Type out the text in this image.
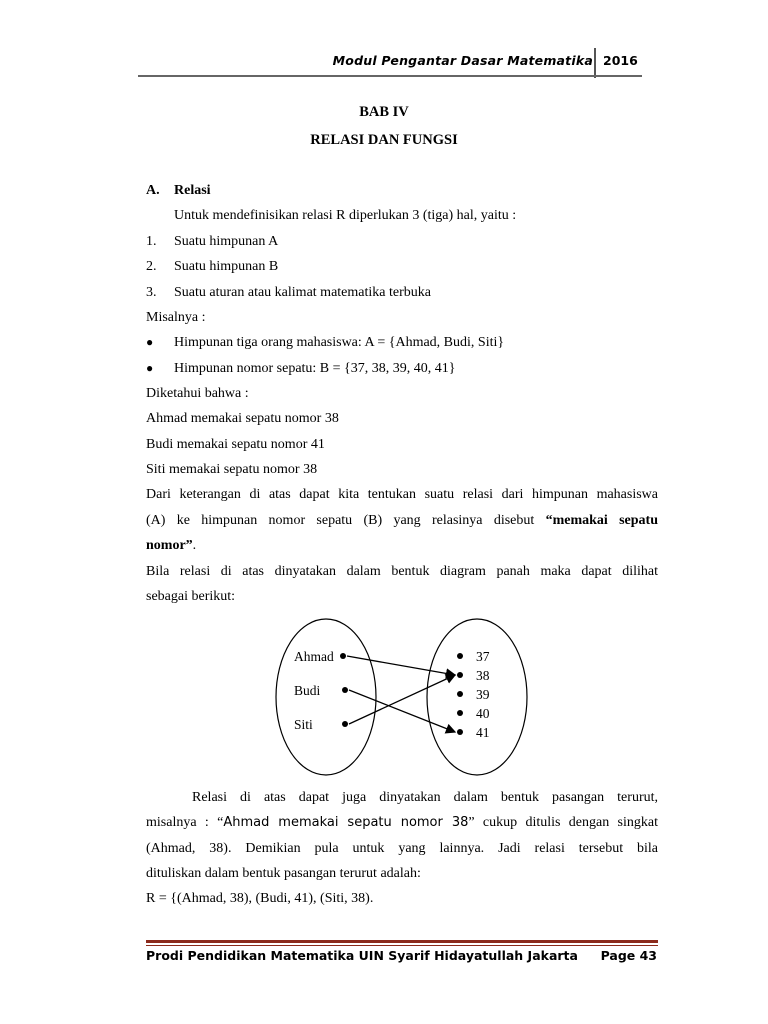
Modul Pengantar Dasar Matematika 2016
BAB IV
RELASI DAN FUNGSI
A. Relasi
Untuk mendefinisikan relasi R diperlukan 3 (tiga) hal, yaitu :
1. Suatu himpunan A
2. Suatu himpunan B
3. Suatu aturan atau kalimat matematika terbuka
Misalnya :
● Himpunan tiga orang mahasiswa: A = {Ahmad, Budi, Siti}
● Himpunan nomor sepatu: B = {37, 38, 39, 40, 41}
Diketahui bahwa :
Ahmad memakai sepatu nomor 38
Budi memakai sepatu nomor 41
Siti memakai sepatu nomor 38
Dari keterangan di atas dapat kita tentukan suatu relasi dari himpunan mahasiswa
(A) ke himpunan nomor sepatu (B) yang relasinya disebut “memakai sepatu
nomor”.
Bila relasi di atas dinyatakan dalam bentuk diagram panah maka dapat dilihat
sebagai berikut:
Ahmad
Budi
Siti
37
38
39
40
41
Relasi di atas dapat juga dinyatakan dalam bentuk pasangan terurut,
misalnya : “Ahmad memakai sepatu nomor 38” cukup ditulis dengan singkat
(Ahmad, 38). Demikian pula untuk yang lainnya. Jadi relasi tersebut bila
dituliskan dalam bentuk pasangan terurut adalah:
R = {(Ahmad, 38), (Budi, 41), (Siti, 38).
Prodi Pendidikan Matematika UIN Syarif Hidayatullah Jakarta Page 43
